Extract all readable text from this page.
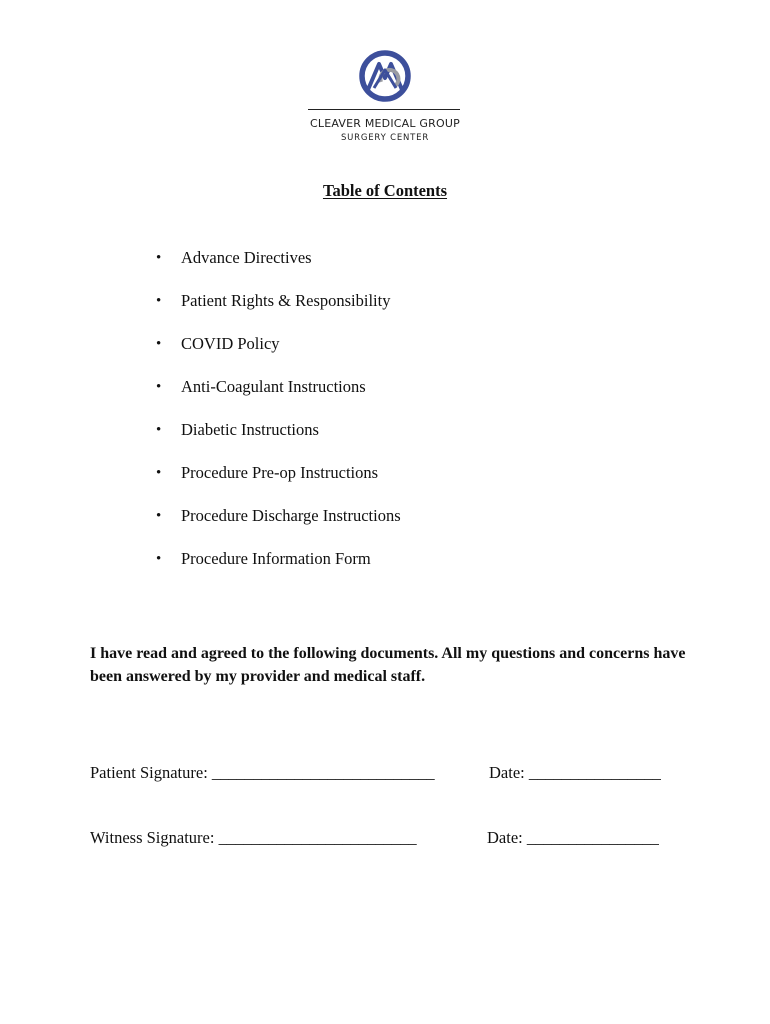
CLEAVER MEDICAL GROUP
SURGERY CENTER
Table of Contents
• Advance Directives
• Patient Rights & Responsibility
• COVID Policy
• Anti-Coagulant Instructions
• Diabetic Instructions
• Procedure Pre-op Instructions
• Procedure Discharge Instructions
• Procedure Information Form
I have read and agreed to the following documents. All my questions and concerns have been answered by my provider and medical staff.
Patient Signature: ___________________________	Date: ________________
Witness Signature: ________________________	Date: ________________
